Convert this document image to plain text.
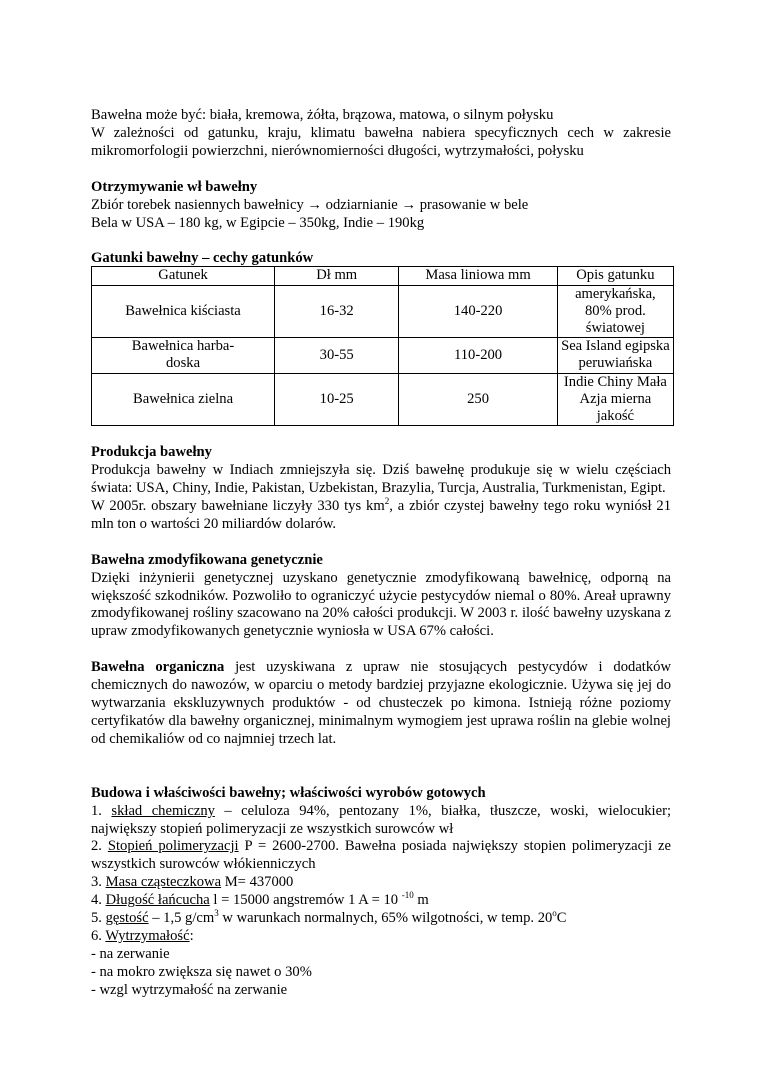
Bawełna może być: biała, kremowa, żółta, brązowa, matowa, o silnym połysku

W zależności od gatunku, kraju, klimatu bawełna nabiera specyficznych cech w zakresie mikromorfologii powierzchni, nierównomierności długości, wytrzymałości, połysku

Otrzymywanie wł bawełny

Zbiór torebek nasiennych bawełnicy → odziarnianie → prasowanie w bele

Bela w USA – 180 kg, w Egipcie – 350kg, Indie – 190kg

Gatunki bawełny – cechy gatunków

Gatunek	Dł mm	Masa liniowa mm	Opis gatunku
Bawełnica kiściasta	16-32	140-220	amerykańska,
80% prod. światowej
Bawełnica harba-
doska	30-55	110-200	Sea Island egipska
peruwiańska
Bawełnica zielna	10-25	250	Indie Chiny Mała
Azja mierna jakość

Produkcja bawełny

Produkcja bawełny w Indiach zmniejszyła się. Dziś bawełnę produkuje się w wielu częściach świata: USA, Chiny, Indie, Pakistan, Uzbekistan, Brazylia, Turcja, Australia, Turkmenistan, Egipt.

W 2005r. obszary bawełniane liczyły 330 tys $km^2$, a zbiór czystej bawełny tego roku wyniósł 21 mln ton o wartości 20 miliardów dolarów.

Bawełna zmodyfikowana genetycznie

Dzięki inżynierii genetycznej uzyskano genetycznie zmodyfikowaną bawełnicę, odporną na większość szkodników. Pozwoliło to ograniczyć użycie pestycydów niemal o 80%. Areał uprawny zmodyfikowanej rośliny szacowano na 20% całości produkcji. W 2003 r. ilość bawełny uzyskana z upraw zmodyfikowanych genetycznie wyniosła w USA 67% całości.

Bawełna organiczna jest uzyskiwana z upraw nie stosujących pestycydów i dodatków chemicznych do nawozów, w oparciu o metody bardziej przyjazne ekologicznie. Używa się jej do wytwarzania ekskluzywnych produktów - od chusteczek po kimona. Istnieją różne poziomy certyfikatów dla bawełny organicznej, minimalnym wymogiem jest uprawa roślin na glebie wolnej od chemikaliów od co najmniej trzech lat.

Budowa i właściwości bawełny; właściwości wyrobów gotowych

1. skład chemiczny – celuloza 94%, pentozany 1%, białka, tłuszcze, woski, wielocukier; największy stopień polimeryzacji ze wszystkich surowców wł

2. Stopień polimeryzacji P = 2600-2700. Bawełna posiada największy stopien polimeryzacji ze wszystkich surowców włókienniczych

3. Masa cząsteczkowa M= 437000

4. Długość łańcucha l = 15000 angstremów 1 A = 10 $^{-10}$ m

5. gęstość – 1,5 $g/cm^3$ w warunkach normalnych, 65% wilgotności, w temp. 20$^o$C

6. Wytrzymałość:

- na zerwanie

- na mokro zwiększa się nawet o 30%

- wzgl wytrzymałość na zerwanie
